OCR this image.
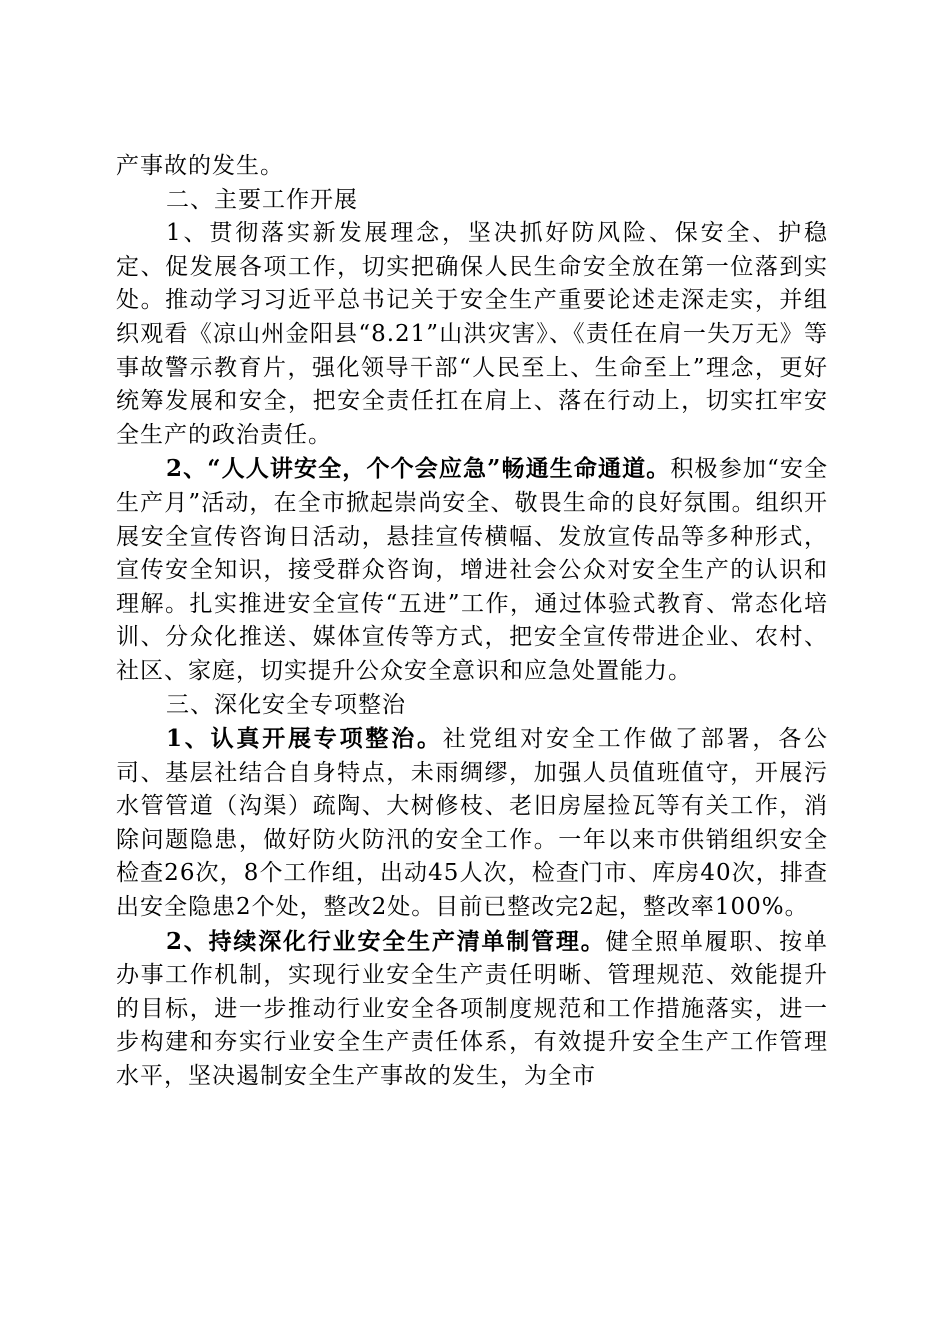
产事故的发生。

二、主要工作开展

1、贯彻落实新发展理念，坚决抓好防风险、保安全、护稳定、促发展各项工作，切实把确保人民生命安全放在第一位落到实处。推动学习习近平总书记关于安全生产重要论述走深走实，并组织观看《凉山州金阳县“8.21”山洪灾害》、《责任在肩一失万无》等事故警示教育片，强化领导干部“人民至上、生命至上”理念，更好统筹发展和安全，把安全责任扛在肩上、落在行动上，切实扛牢安全生产的政治责任。

2、“人人讲安全，个个会应急”畅通生命通道。积极参加“安全生产月”活动，在全市掀起崇尚安全、敬畏生命的良好氛围。组织开展安全宣传咨询日活动，悬挂宣传横幅、发放宣传品等多种形式，宣传安全知识，接受群众咨询，增进社会公众对安全生产的认识和理解。扎实推进安全宣传“五进”工作，通过体验式教育、常态化培训、分众化推送、媒体宣传等方式，把安全宣传带进企业、农村、社区、家庭，切实提升公众安全意识和应急处置能力。

三、深化安全专项整治

1、认真开展专项整治。社党组对安全工作做了部署，各公司、基层社结合自身特点，未雨绸缪，加强人员值班值守，开展污水管管道（沟渠）疏陶、大树修枝、老旧房屋捡瓦等有关工作，消除问题隐患，做好防火防汛的安全工作。一年以来市供销组织安全检查26次，8个工作组，出动45人次，检查门市、库房40次，排查出安全隐患2个处，整改2处。目前已整改完2起，整改率100%。

2、持续深化行业安全生产清单制管理。健全照单履职、按单办事工作机制，实现行业安全生产责任明晰、管理规范、效能提升的目标，进一步推动行业安全各项制度规范和工作措施落实，进一步构建和夯实行业安全生产责任体系，有效提升安全生产工作管理水平，坚决遏制安全生产事故的发生，为全市
